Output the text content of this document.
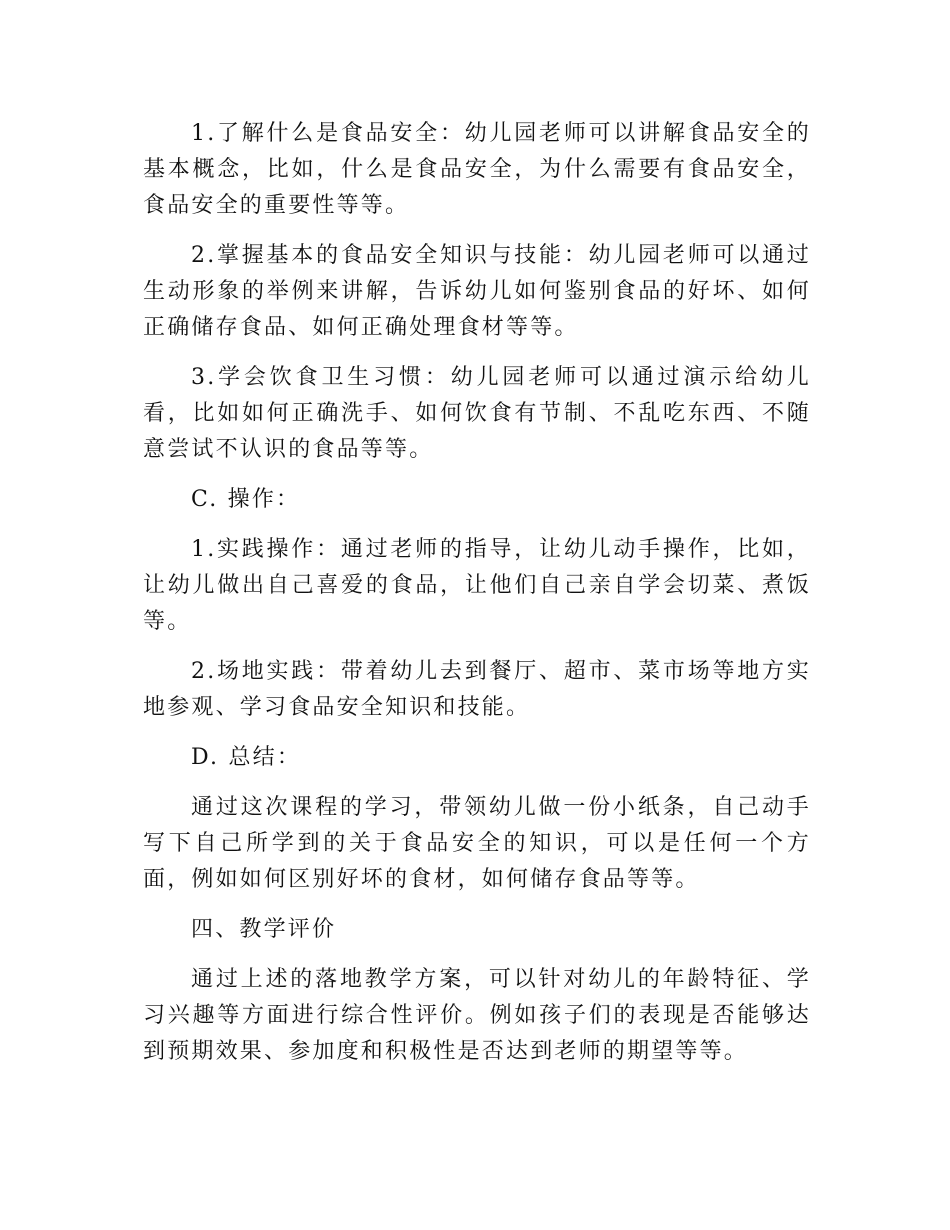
1.了解什么是食品安全：幼儿园老师可以讲解食品安全的基本概念，比如，什么是食品安全，为什么需要有食品安全，食品安全的重要性等等。

2.掌握基本的食品安全知识与技能：幼儿园老师可以通过生动形象的举例来讲解，告诉幼儿如何鉴别食品的好坏、如何正确储存食品、如何正确处理食材等等。

3.学会饮食卫生习惯：幼儿园老师可以通过演示给幼儿看，比如如何正确洗手、如何饮食有节制、不乱吃东西、不随意尝试不认识的食品等等。

C. 操作：

1.实践操作：通过老师的指导，让幼儿动手操作，比如，让幼儿做出自己喜爱的食品，让他们自己亲自学会切菜、煮饭等。

2.场地实践：带着幼儿去到餐厅、超市、菜市场等地方实地参观、学习食品安全知识和技能。

D. 总结：

通过这次课程的学习，带领幼儿做一份小纸条，自己动手写下自己所学到的关于食品安全的知识，可以是任何一个方面，例如如何区别好坏的食材，如何储存食品等等。

四、教学评价

通过上述的落地教学方案，可以针对幼儿的年龄特征、学习兴趣等方面进行综合性评价。例如孩子们的表现是否能够达到预期效果、参加度和积极性是否达到老师的期望等等。
